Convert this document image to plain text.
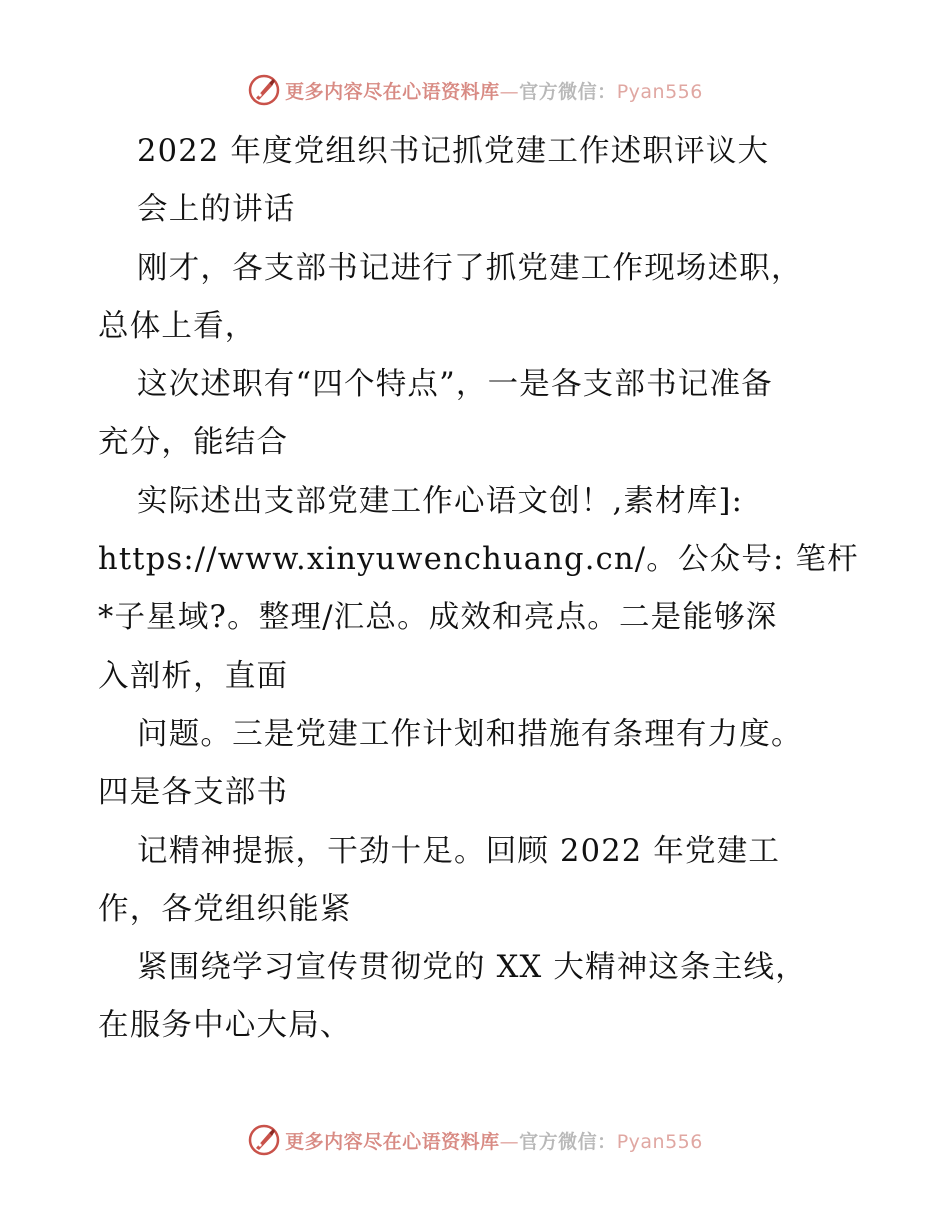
更多内容尽在心语资料库—官方微信：Pyan556
2022 年度党组织书记抓党建工作述职评议大
会上的讲话
刚才，各支部书记进行了抓党建工作现场述职，
总体上看，
这次述职有“四个特点”，一是各支部书记准备
充分，能结合
实际述出支部党建工作心语文创！,素材库]:
https://www.xinyuwenchuang.cn/。公众号: 笔杆
*子星域?。整理/汇总。成效和亮点。二是能够深
入剖析，直面
问题。三是党建工作计划和措施有条理有力度。
四是各支部书
记精神提振，干劲十足。回顾 2022 年党建工
作，各党组织能紧
紧围绕学习宣传贯彻党的 XX 大精神这条主线，
在服务中心大局、
更多内容尽在心语资料库—官方微信：Pyan556
